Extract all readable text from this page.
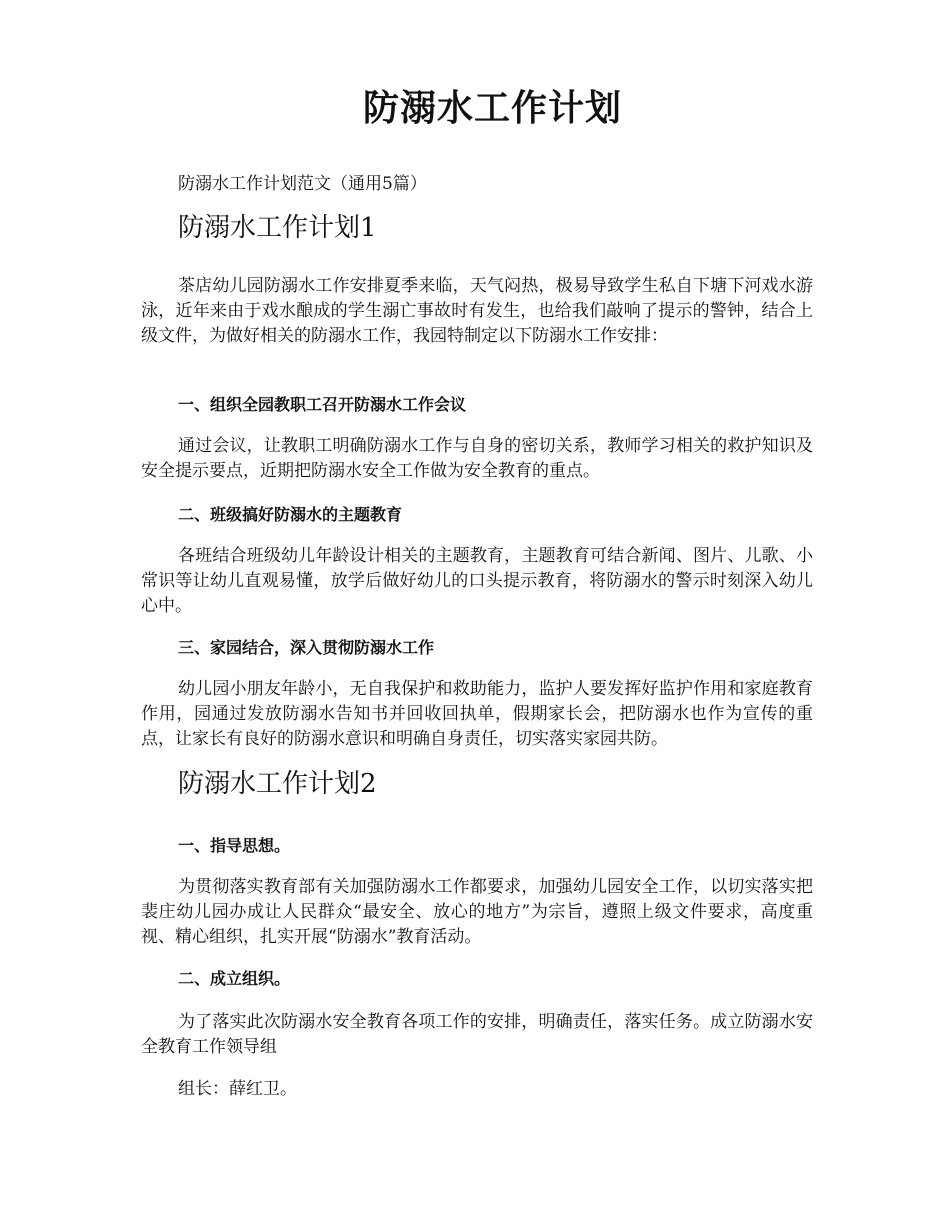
防溺水工作计划

防溺水工作计划范文（通用5篇）

防溺水工作计划1

茶店幼儿园防溺水工作安排夏季来临，天气闷热，极易导致学生私自下塘下河戏水游泳，近年来由于戏水酿成的学生溺亡事故时有发生，也给我们敲响了提示的警钟，结合上级文件，为做好相关的防溺水工作，我园特制定以下防溺水工作安排：

一、组织全园教职工召开防溺水工作会议

通过会议，让教职工明确防溺水工作与自身的密切关系，教师学习相关的救护知识及安全提示要点，近期把防溺水安全工作做为安全教育的重点。

二、班级搞好防溺水的主题教育

各班结合班级幼儿年龄设计相关的主题教育，主题教育可结合新闻、图片、儿歌、小常识等让幼儿直观易懂，放学后做好幼儿的口头提示教育，将防溺水的警示时刻深入幼儿心中。

三、家园结合，深入贯彻防溺水工作

幼儿园小朋友年龄小，无自我保护和救助能力，监护人要发挥好监护作用和家庭教育作用，园通过发放防溺水告知书并回收回执单，假期家长会，把防溺水也作为宣传的重点，让家长有良好的防溺水意识和明确自身责任，切实落实家园共防。

防溺水工作计划2
一、指导思想。

为贯彻落实教育部有关加强防溺水工作都要求，加强幼儿园安全工作，以切实落实把裴庄幼儿园办成让人民群众“最安全、放心的地方”为宗旨，遵照上级文件要求，高度重视、精心组织，扎实开展“防溺水”教育活动。

二、成立组织。

为了落实此次防溺水安全教育各项工作的安排，明确责任，落实任务。成立防溺水安全教育工作领导组

组长：薛红卫。
